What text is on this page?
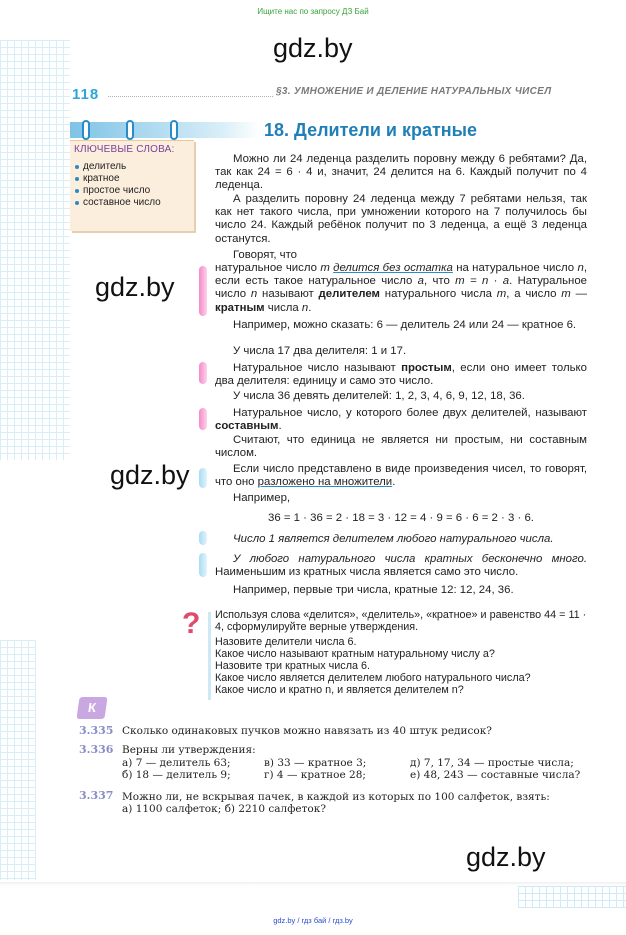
Ищите нас по запросу ДЗ Бай
gdz.by
gdz.by
gdz.by
gdz.by
118	§3. УМНОЖЕНИЕ И ДЕЛЕНИЕ НАТУРАЛЬНЫХ ЧИСЕЛ
18. Делители и кратные
КЛЮЧЕВЫЕ СЛОВА:
делитель
кратное
простое число
составное число

Можно ли 24 леденца разделить поровну между 6 ребятами? Да, так как 24 = 6 · 4 и, значит, 24 делится на 6. Каждый получит по 4 леденца.

А разделить поровну 24 леденца между 7 ребятами нельзя, так как нет такого числа, при умножении которого на 7 получилось бы число 24. Каждый ребёнок получит по 3 леденца, а ещё 3 леденца останутся.

Говорят, что

натуральное число m делится без остатка на натуральное число n, если есть такое натуральное число a, что m = n · a. Натуральное число n называют делителем натурального числа m, а число m — кратным числа n.

Например, можно сказать: 6 — делитель 24 или 24 — кратное 6.

У числа 17 два делителя: 1 и 17.

Натуральное число называют простым, если оно имеет только два делителя: единицу и само это число.

У числа 36 девять делителей: 1, 2, 3, 4, 6, 9, 12, 18, 36.

Натуральное число, у которого более двух делителей, называют составным.

Считают, что единица не является ни простым, ни составным числом.

Если число представлено в виде произведения чисел, то говорят, что оно разложено на множители.

Например,

36 = 1 · 36 = 2 · 18 = 3 · 12 = 4 · 9 = 6 · 6 = 2 · 3 · 6.

Число 1 является делителем любого натурального числа.

У любого натурального числа кратных бесконечно много. Наименьшим из кратных числа является само это число.

Например, первые три числа, кратные 12: 12, 24, 36.

? Используя слова «делится», «делитель», «кратное» и равенство 44 = 11 · 4, сформулируйте верные утверждения.

Назовите делители числа 6.

Какое число называют кратным натуральному числу a?

Назовите три кратных числа 6.

Какое число является делителем любого натурального числа?

Какое число и кратно n, и является делителем n?

К
3.335 Сколько одинаковых пучков можно навязать из 40 штук редисок?
3.336 Верны ли утверждения:
а) 7 — делитель 63;	в) 33 — кратное 3;	д) 7, 17, 34 — простые числа;
б) 18 — делитель 9;	г) 4 — кратное 28;	е) 48, 243 — составные числа?
3.337 Можно ли, не вскрывая пачек, в каждой из которых по 100 салфеток, взять:
а) 1100 салфеток; б) 2210 салфеток?
gdz.by / гдз бай / гдз.by
